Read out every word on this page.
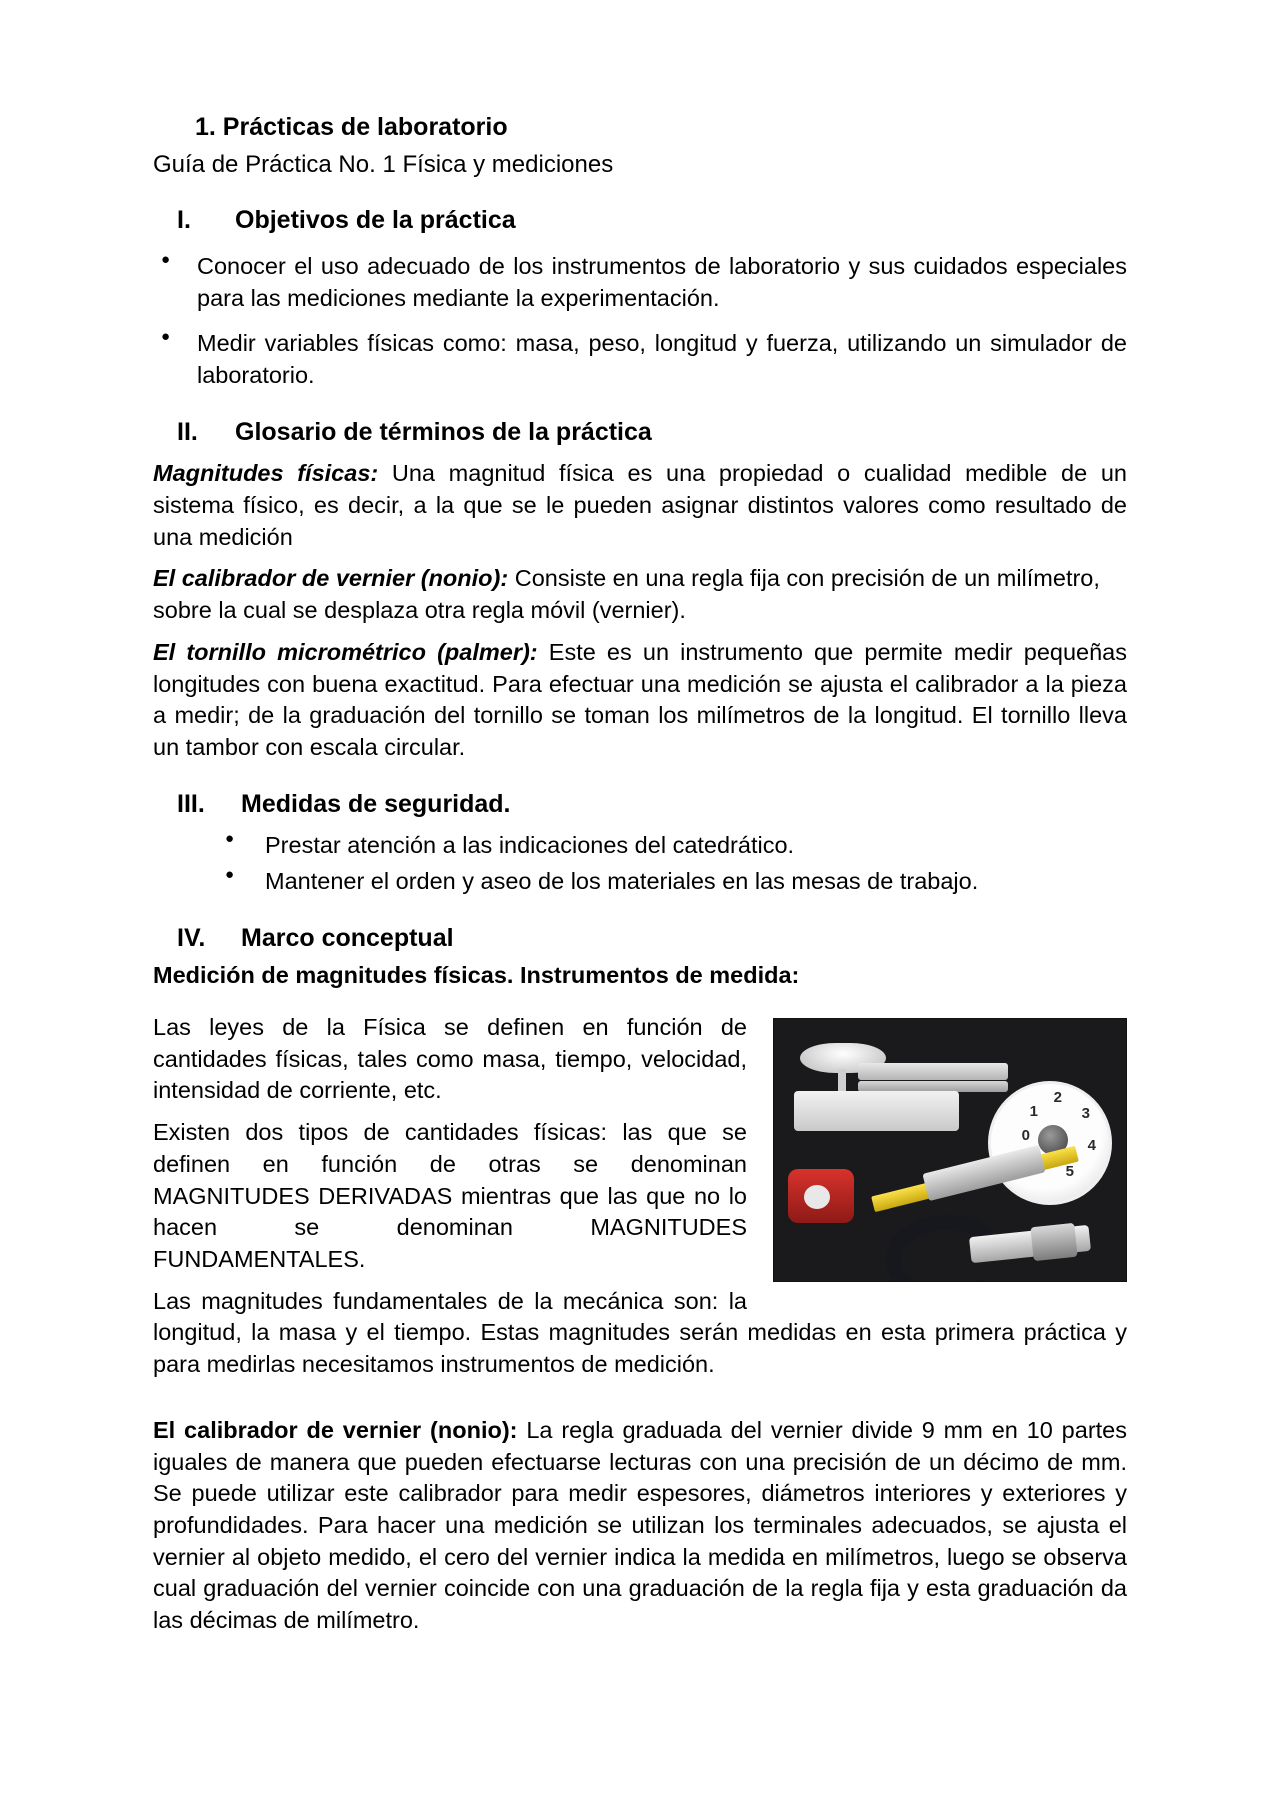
1. Prácticas de laboratorio

Guía de Práctica No. 1 Física y mediciones

I. Objetivos de la práctica
● Conocer el uso adecuado de los instrumentos de laboratorio y sus cuidados especiales para las mediciones mediante la experimentación.
● Medir variables físicas como: masa, peso, longitud y fuerza, utilizando un simulador de laboratorio.
II. Glosario de términos de la práctica

Magnitudes físicas: Una magnitud física es una propiedad o cualidad medible de un sistema físico, es decir, a la que se le pueden asignar distintos valores como resultado de una medición

El calibrador de vernier (nonio): Consiste en una regla fija con precisión de un milímetro, sobre la cual se desplaza otra regla móvil (vernier).

El tornillo micrométrico (palmer): Este es un instrumento que permite medir pequeñas longitudes con buena exactitud. Para efectuar una medición se ajusta el calibrador a la pieza a medir; de la graduación del tornillo se toman los milímetros de la longitud. El tornillo lleva un tambor con escala circular.

III. Medidas de seguridad.
● Prestar atención a las indicaciones del catedrático.
● Mantener el orden y aseo de los materiales en las mesas de trabajo.
IV. Marco conceptual

Medición de magnitudes físicas. Instrumentos de medida:

0
1
2
3
4
5

Las leyes de la Física se definen en función de cantidades físicas, tales como masa, tiempo, velocidad, intensidad de corriente, etc.

Existen dos tipos de cantidades físicas: las que se definen en función de otras se denominan MAGNITUDES DERIVADAS mientras que las que no lo hacen se denominan MAGNITUDES FUNDAMENTALES.

Las magnitudes fundamentales de la mecánica son: la longitud, la masa y el tiempo. Estas magnitudes serán medidas en esta primera práctica y para medirlas necesitamos instrumentos de medición.

El calibrador de vernier (nonio): La regla graduada del vernier divide 9 mm en 10 partes iguales de manera que pueden efectuarse lecturas con una precisión de un décimo de mm. Se puede utilizar este calibrador para medir espesores, diámetros interiores y exteriores y profundidades. Para hacer una medición se utilizan los terminales adecuados, se ajusta el vernier al objeto medido, el cero del vernier indica la medida en milímetros, luego se observa cual graduación del vernier coincide con una graduación de la regla fija y esta graduación da las décimas de milímetro.
